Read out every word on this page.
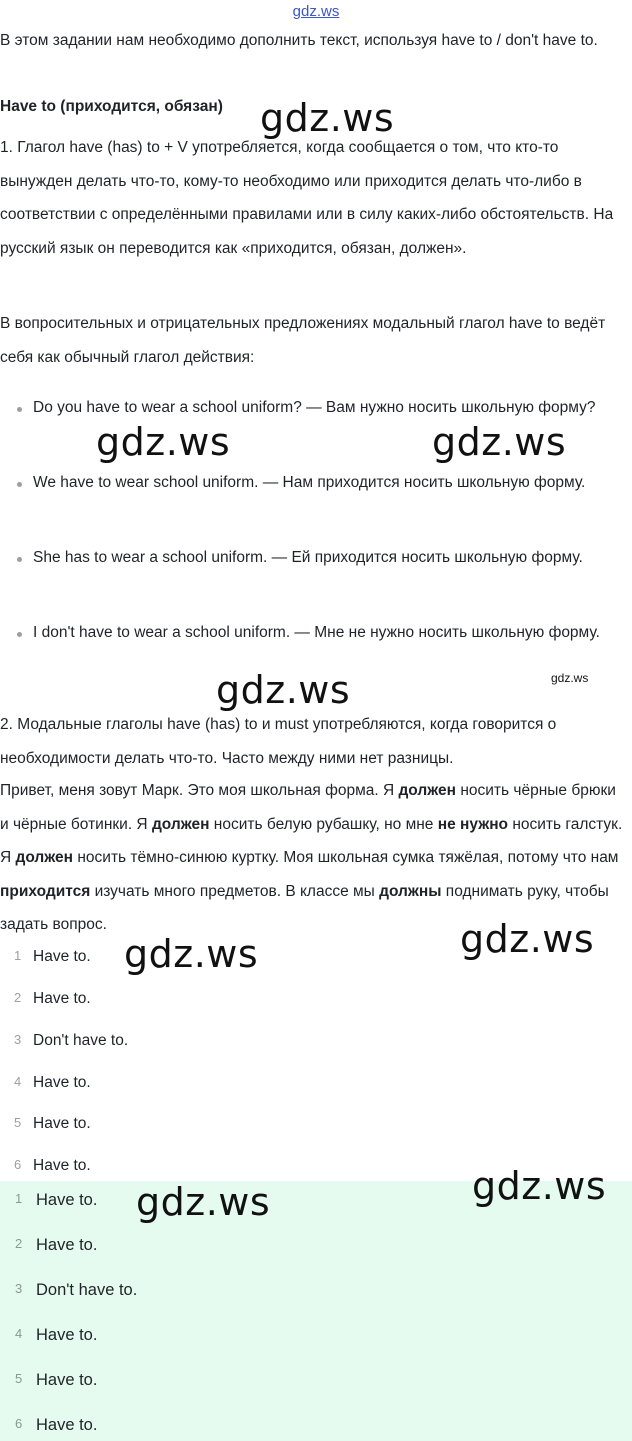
gdz.ws

В этом задании нам необходимо дополнить текст, используя have to / don't have to.

Have to (приходится, обязан)

1. Глагол have (has) to + V употребляется, когда сообщается о том, что кто-то вынужден делать что-то, кому-то необходимо или приходится делать что-либо в соответствии с определёнными правилами или в силу каких-либо обстоятельств. На русский язык он переводится как «приходится, обязан, должен».

В вопросительных и отрицательных предложениях модальный глагол have to ведёт себя как обычный глагол действия:

Do you have to wear a school uniform? — Вам нужно носить школьную форму?

We have to wear school uniform. — Нам приходится носить школьную форму.

She has to wear a school uniform. — Ей приходится носить школьную форму.

I don't have to wear a school uniform. — Мне не нужно носить школьную форму.

2. Модальные глаголы have (has) to и must употребляются, когда говорится о необходимости делать что-то. Часто между ними нет разницы.

Привет, меня зовут Марк. Это моя школьная форма. Я должен носить чёрные брюки и чёрные ботинки. Я должен носить белую рубашку, но мне не нужно носить галстук. Я должен носить тёмно-синюю куртку. Моя школьная сумка тяжёлая, потому что нам приходится изучать много предметов. В классе мы должны поднимать руку, чтобы задать вопрос.

1 Have to.
2 Have to.
3 Don't have to.
4 Have to.
5 Have to.
6 Have to.
1 Have to.
2 Have to.
3 Don't have to.
4 Have to.
5 Have to.
6 Have to.
gdz.ws
gdz.ws	gdz.ws
gdz.ws	gdz.ws
gdz.ws
gdz.ws
gdz.ws
gdz.ws
